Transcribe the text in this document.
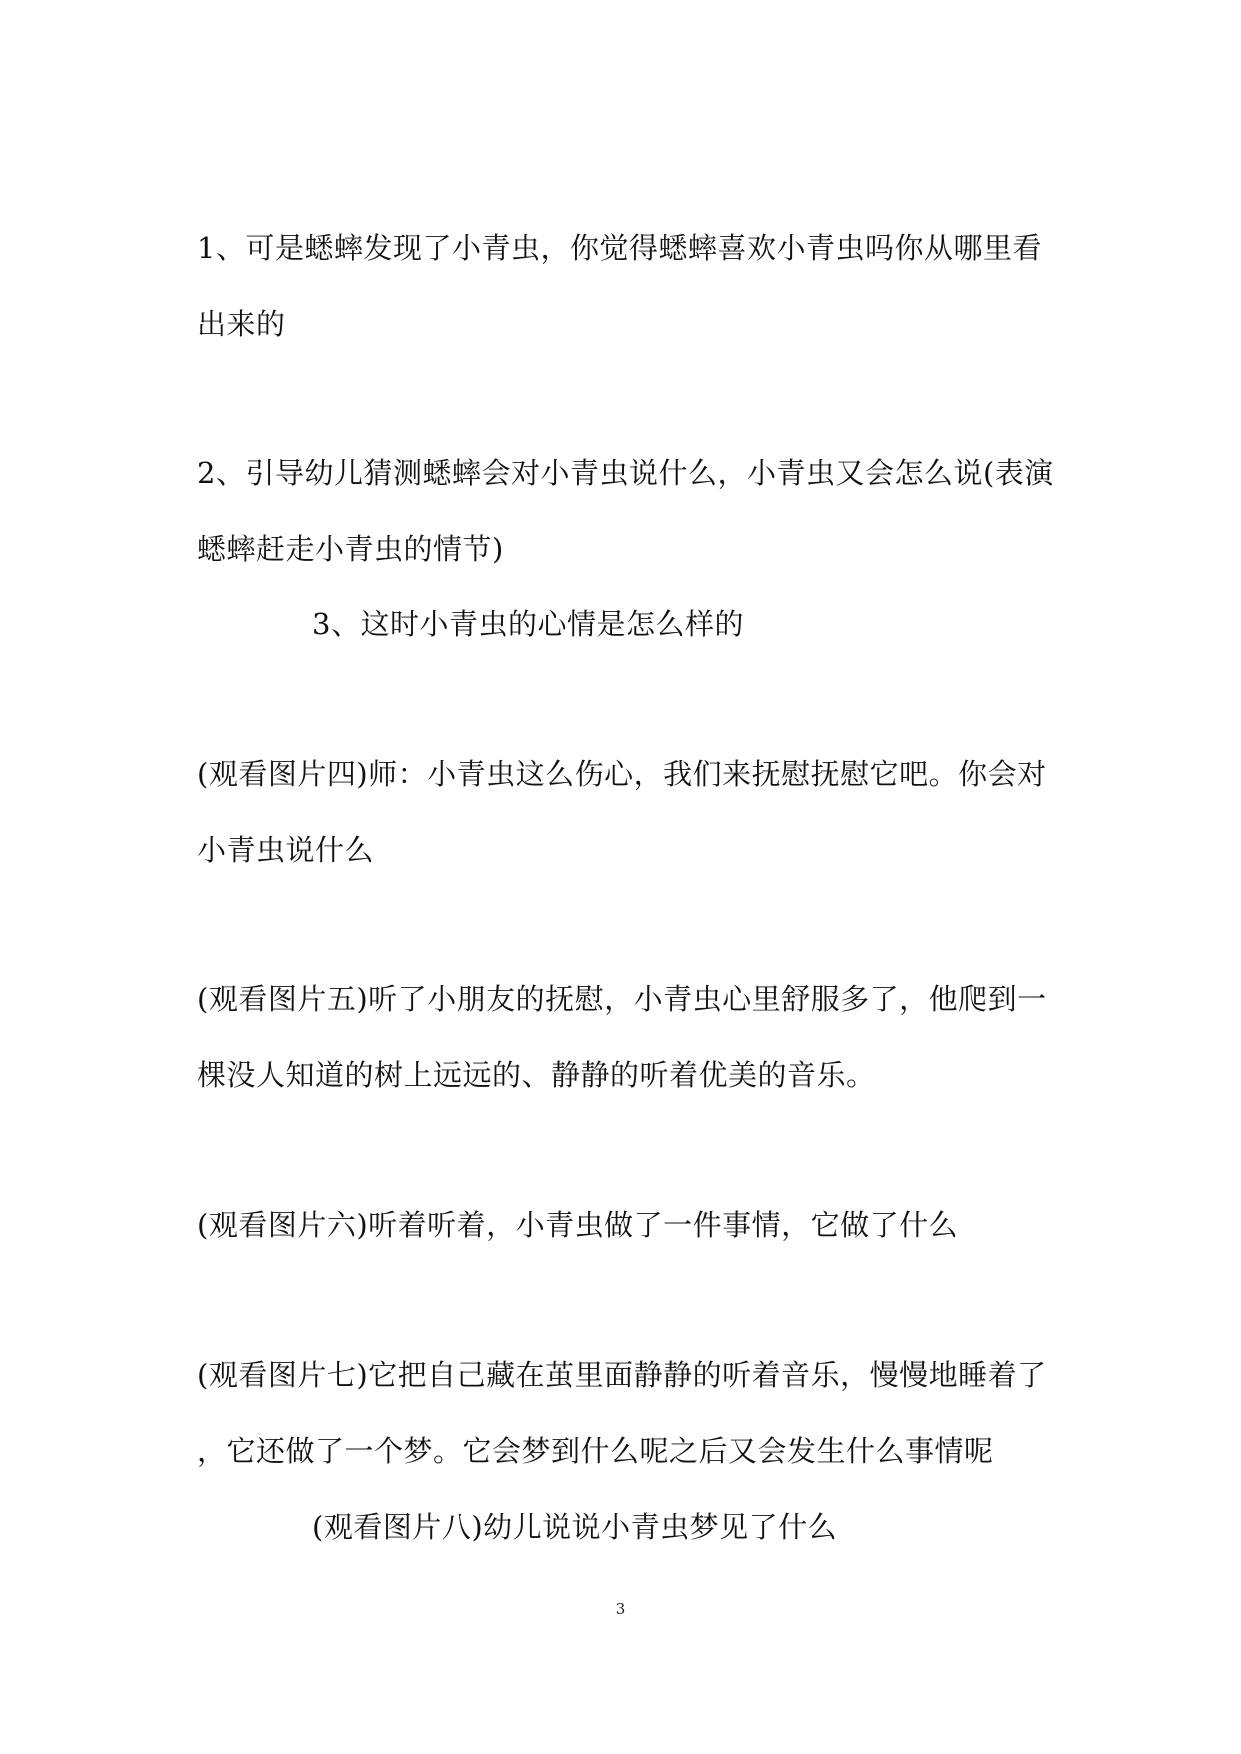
1、可是蟋蟀发现了小青虫，你觉得蟋蟀喜欢小青虫吗你从哪里看

出来的

2、引导幼儿猜测蟋蟀会对小青虫说什么，小青虫又会怎么说(表演

蟋蟀赶走小青虫的情节)

3、这时小青虫的心情是怎么样的

(观看图片四)师：小青虫这么伤心，我们来抚慰抚慰它吧。你会对

小青虫说什么

(观看图片五)听了小朋友的抚慰，小青虫心里舒服多了，他爬到一

棵没人知道的树上远远的、静静的听着优美的音乐。

(观看图片六)听着听着，小青虫做了一件事情，它做了什么

(观看图片七)它把自己藏在茧里面静静的听着音乐，慢慢地睡着了

，它还做了一个梦。它会梦到什么呢之后又会发生什么事情呢

(观看图片八)幼儿说说小青虫梦见了什么

3
